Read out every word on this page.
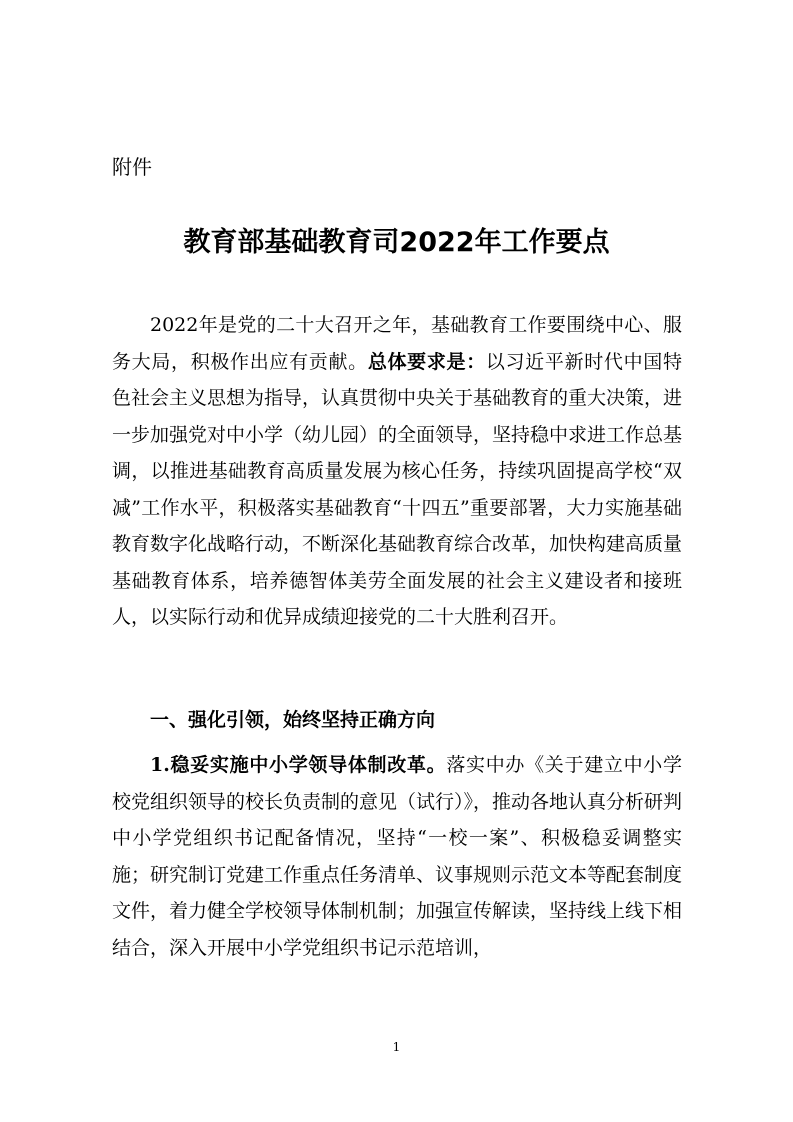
附件

教育部基础教育司2022年工作要点

2022年是党的二十大召开之年，基础教育工作要围绕中心、服务大局，积极作出应有贡献。总体要求是：以习近平新时代中国特色社会主义思想为指导，认真贯彻中央关于基础教育的重大决策，进一步加强党对中小学（幼儿园）的全面领导，坚持稳中求进工作总基调，以推进基础教育高质量发展为核心任务，持续巩固提高学校“双减”工作水平，积极落实基础教育“十四五”重要部署，大力实施基础教育数字化战略行动，不断深化基础教育综合改革，加快构建高质量基础教育体系，培养德智体美劳全面发展的社会主义建设者和接班人，以实际行动和优异成绩迎接党的二十大胜利召开。

一、强化引领，始终坚持正确方向

1.稳妥实施中小学领导体制改革。落实中办《关于建立中小学校党组织领导的校长负责制的意见（试行）》，推动各地认真分析研判中小学党组织书记配备情况，坚持“一校一案”、积极稳妥调整实施；研究制订党建工作重点任务清单、议事规则示范文本等配套制度文件，着力健全学校领导体制机制；加强宣传解读，坚持线上线下相结合，深入开展中小学党组织书记示范培训，

1
